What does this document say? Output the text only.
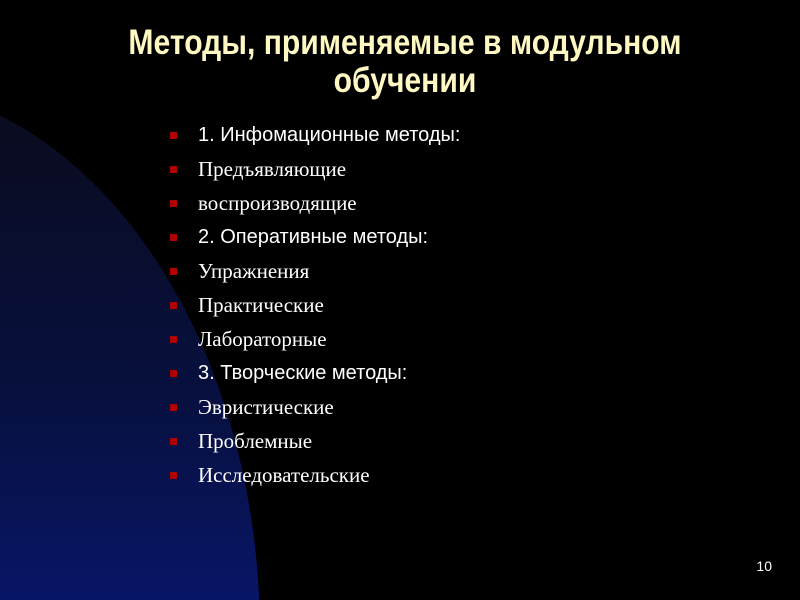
Методы, применяемые в модульном
обучении
1. Инфомационные методы:
Предъявляющие
воспроизводящие
2. Оперативные методы:
Упражнения
Практические
Лабораторные
3. Творческие методы:
Эвристические
Проблемные
Исследовательские
10
